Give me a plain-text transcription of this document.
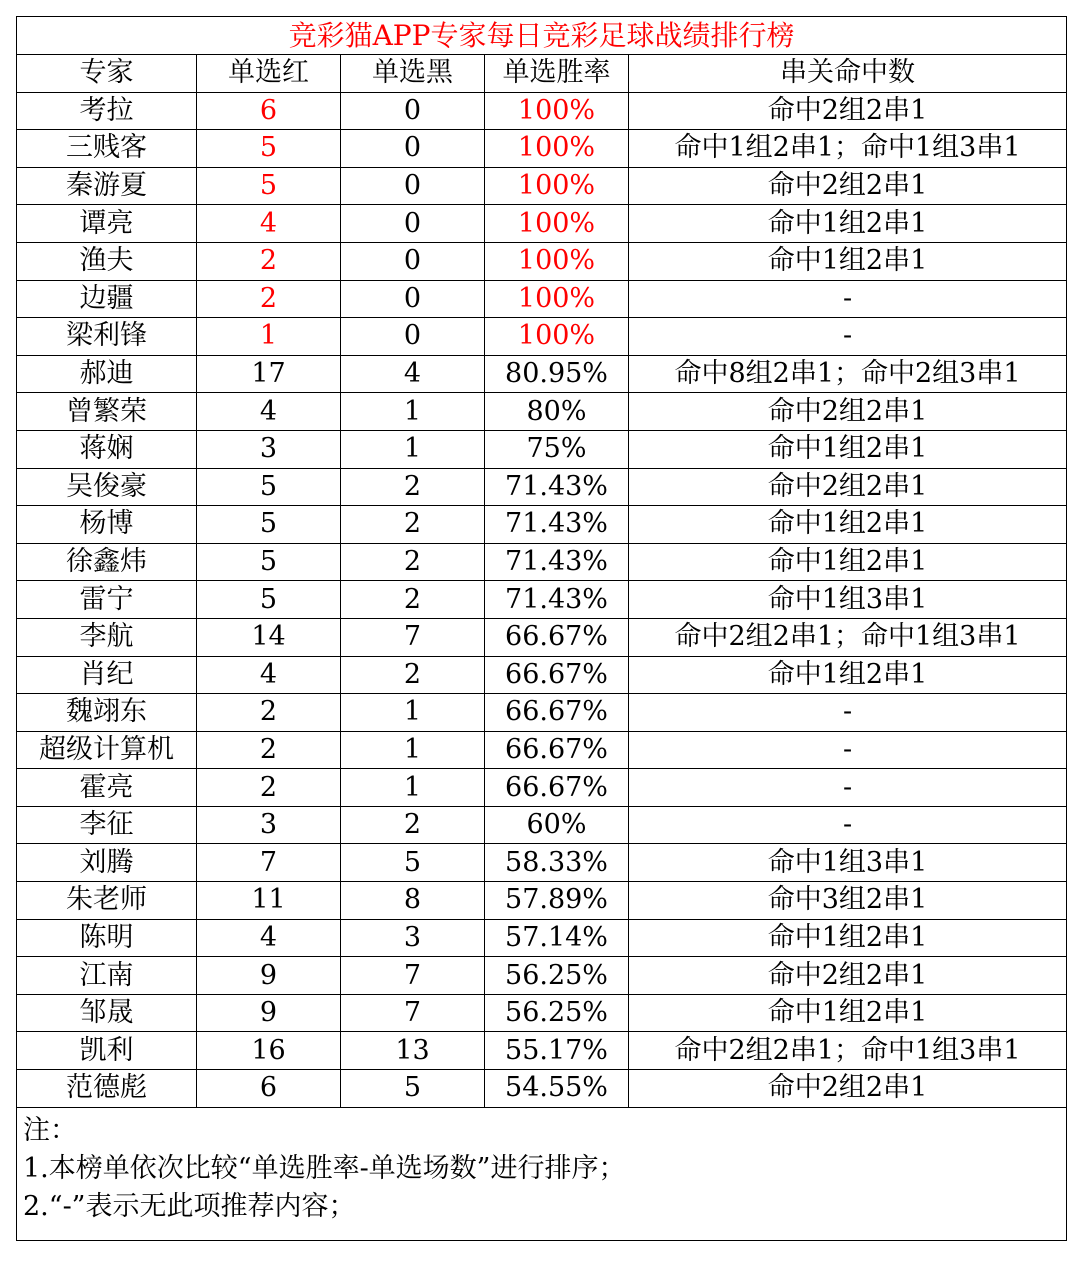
竞彩猫APP专家每日竞彩足球战绩排行榜				
专家	单选红	单选黑	单选胜率	串关命中数
考拉	6	0	100%	命中2组2串1
三贱客	5	0	100%	命中1组2串1；命中1组3串1
秦游夏	5	0	100%	命中2组2串1
谭亮	4	0	100%	命中1组2串1
渔夫	2	0	100%	命中1组2串1
边疆	2	0	100%	-
梁利锋	1	0	100%	-
郝迪	17	4	80.95%	命中8组2串1；命中2组3串1
曾繁荣	4	1	80%	命中2组2串1
蒋娴	3	1	75%	命中1组2串1
吴俊豪	5	2	71.43%	命中2组2串1
杨博	5	2	71.43%	命中1组2串1
徐鑫炜	5	2	71.43%	命中1组2串1
雷宁	5	2	71.43%	命中1组3串1
李航	14	7	66.67%	命中2组2串1；命中1组3串1
肖纪	4	2	66.67%	命中1组2串1
魏翊东	2	1	66.67%	-
超级计算机	2	1	66.67%	-
霍亮	2	1	66.67%	-
李征	3	2	60%	-
刘腾	7	5	58.33%	命中1组3串1
朱老师	11	8	57.89%	命中3组2串1
陈明	4	3	57.14%	命中1组2串1
江南	9	7	56.25%	命中2组2串1
邹晟	9	7	56.25%	命中1组2串1
凯利	16	13	55.17%	命中2组2串1；命中1组3串1
范德彪	6	5	54.55%	命中2组2串1

注：
1.本榜单依次比较“单选胜率-单选场数”进行排序；
2.“-”表示无此项推荐内容；				
